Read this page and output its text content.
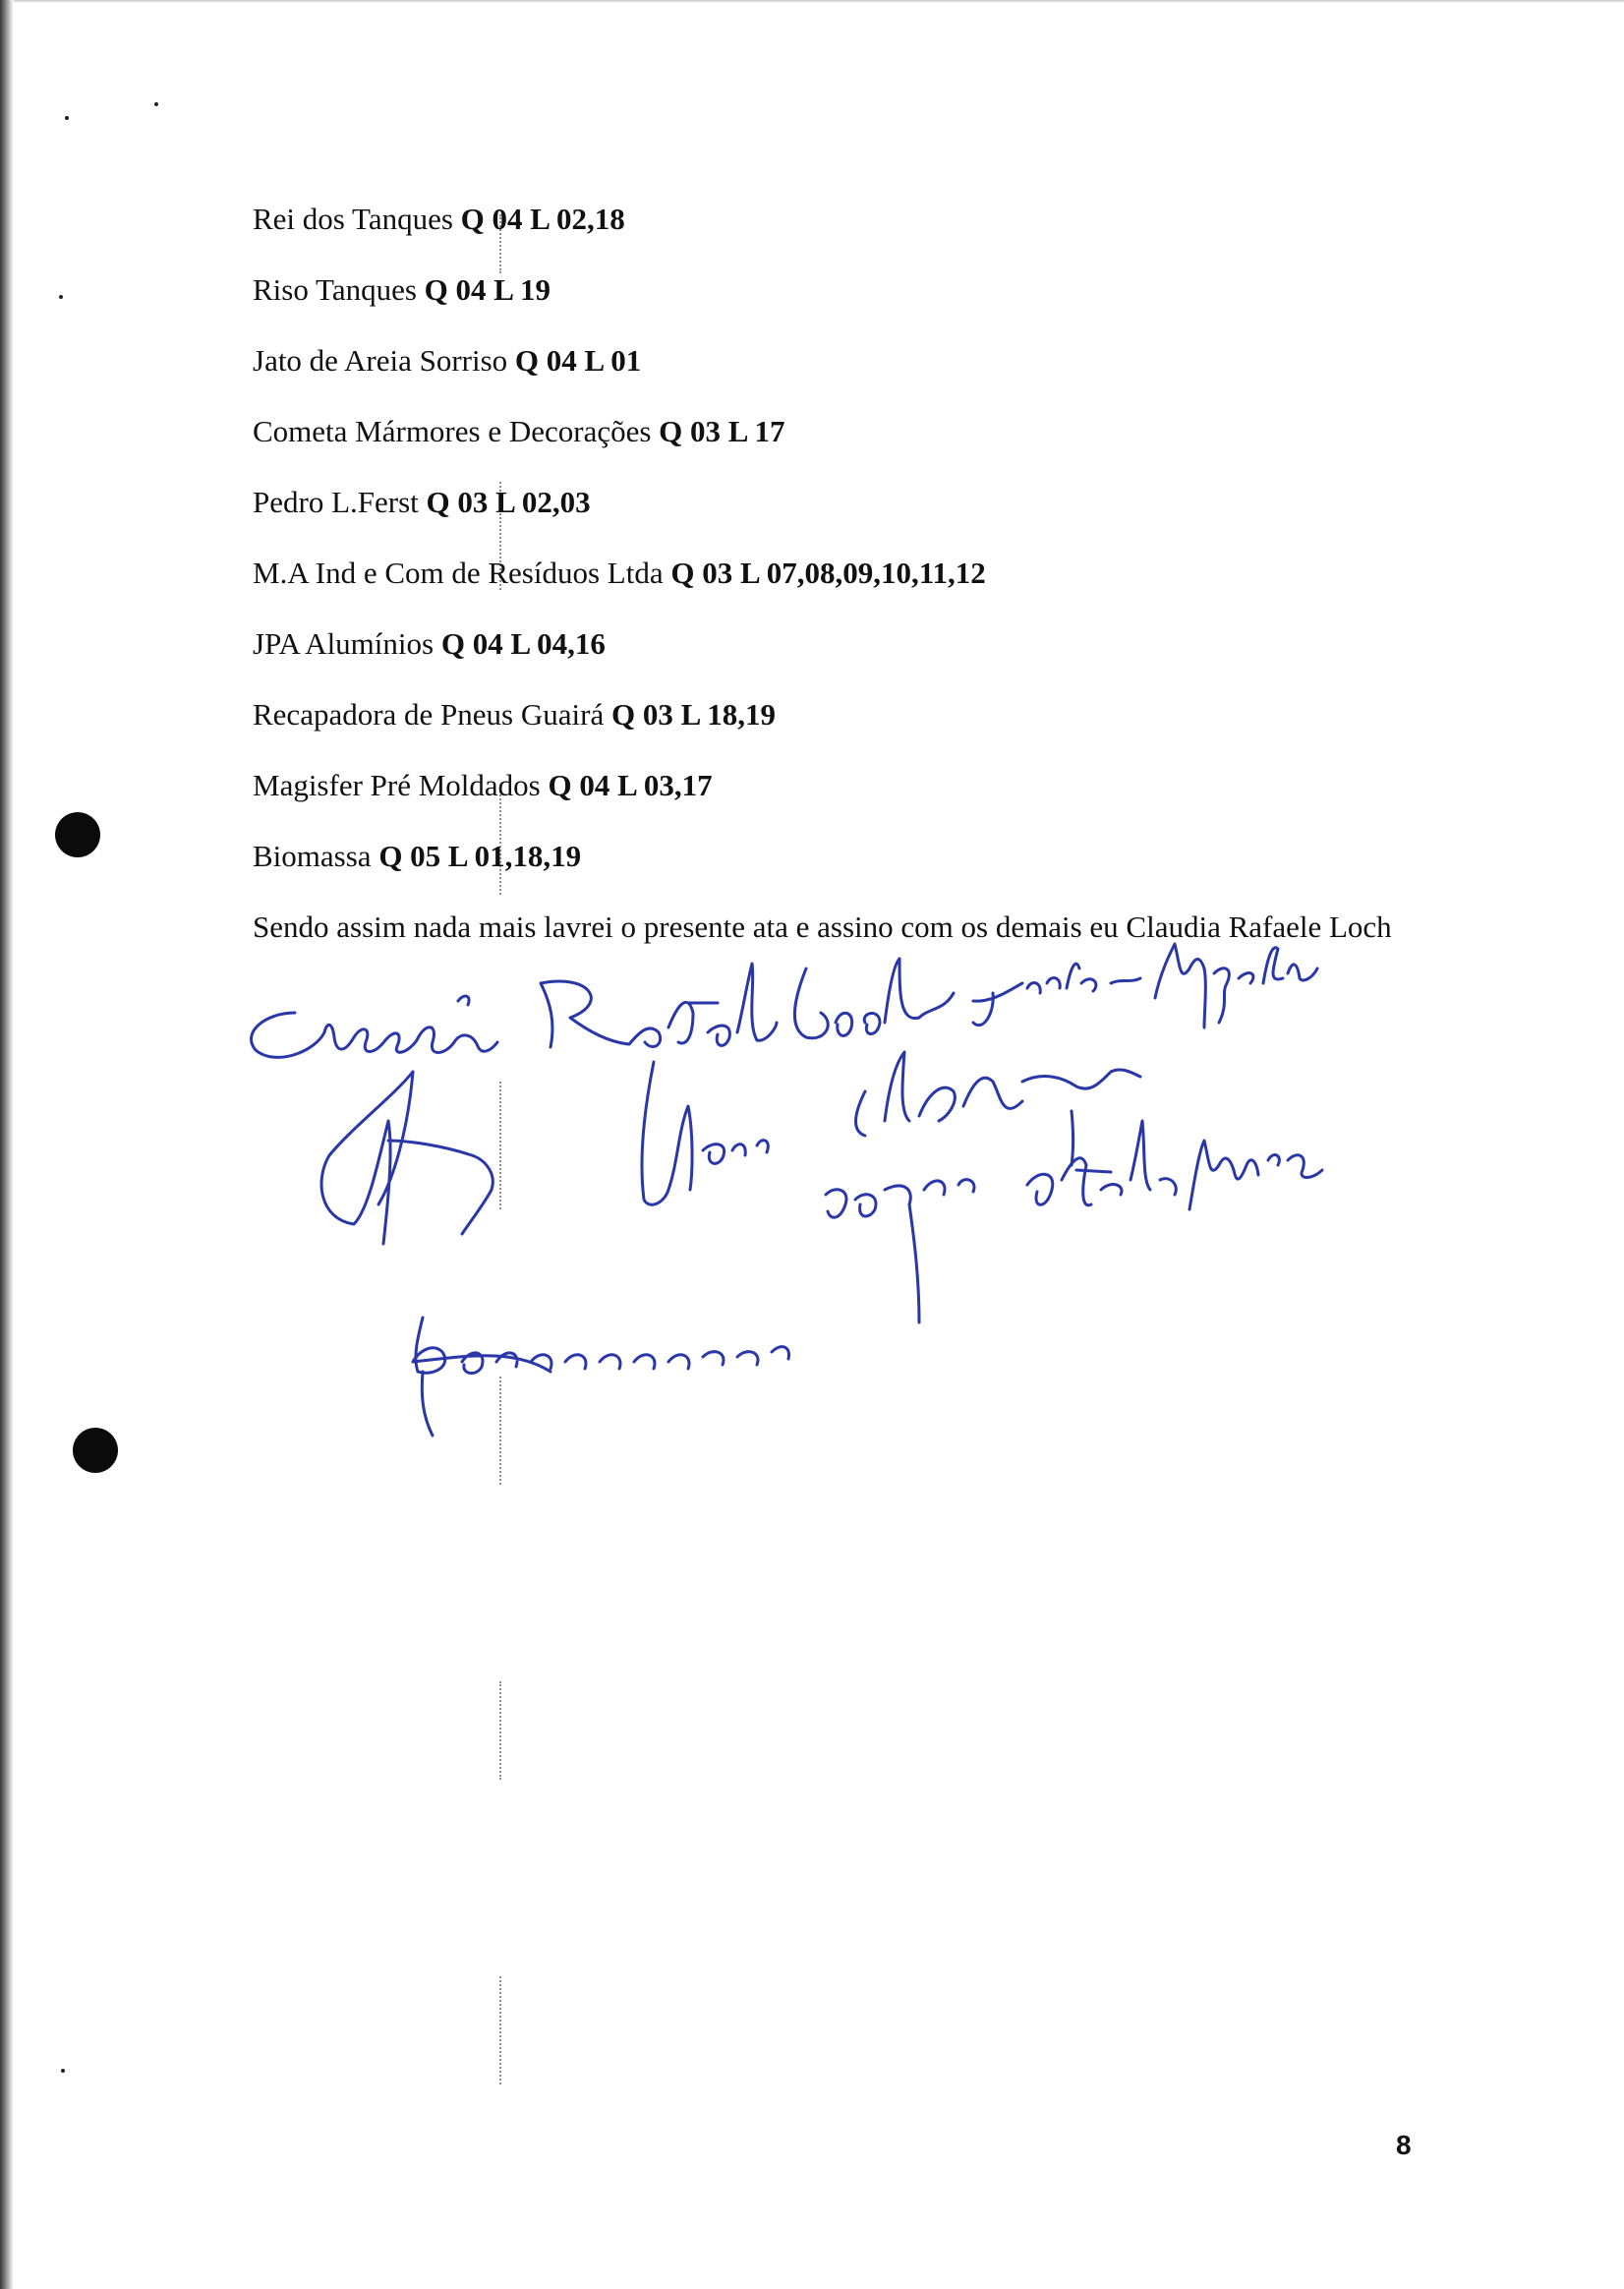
Rei dos Tanques Q 04 L 02,18
Riso Tanques Q 04 L 19
Jato de Areia Sorriso Q 04 L 01
Cometa Mármores e Decorações Q 03 L 17
Pedro L.Ferst Q 03 L 02,03
M.A Ind e Com de Resíduos Ltda Q 03 L 07,08,09,10,11,12
JPA Alumínios Q 04 L 04,16
Recapadora de Pneus Guairá Q 03 L 18,19
Magisfer Pré Moldados Q 04 L 03,17
Biomassa Q 05 L 01,18,19

Sendo assim nada mais lavrei o presente ata e assino com os demais eu Claudia Rafaele Loch

8
